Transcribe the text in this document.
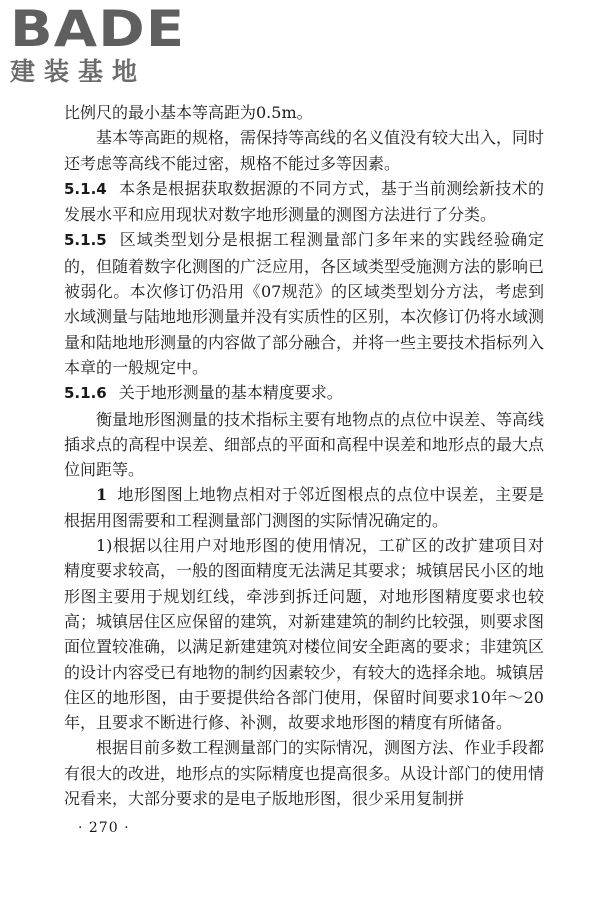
BADE
建装基地

比例尺的最小基本等高距为0.5m。

基本等高距的规格，需保持等高线的名义值没有较大出入，同时还考虑等高线不能过密，规格不能过多等因素。

5.1.4 本条是根据获取数据源的不同方式，基于当前测绘新技术的发展水平和应用现状对数字地形测量的测图方法进行了分类。

5.1.5 区域类型划分是根据工程测量部门多年来的实践经验确定的，但随着数字化测图的广泛应用，各区域类型受施测方法的影响已被弱化。本次修订仍沿用《07规范》的区域类型划分方法，考虑到水域测量与陆地地形测量并没有实质性的区别，本次修订仍将水域测量和陆地地形测量的内容做了部分融合，并将一些主要技术指标列入本章的一般规定中。

5.1.6 关于地形测量的基本精度要求。

衡量地形图测量的技术指标主要有地物点的点位中误差、等高线插求点的高程中误差、细部点的平面和高程中误差和地形点的最大点位间距等。

1 地形图图上地物点相对于邻近图根点的点位中误差，主要是根据用图需要和工程测量部门测图的实际情况确定的。

1)根据以往用户对地形图的使用情况，工矿区的改扩建项目对精度要求较高，一般的图面精度无法满足其要求；城镇居民小区的地形图主要用于规划红线，牵涉到拆迁问题，对地形图精度要求也较高；城镇居住区应保留的建筑，对新建建筑的制约比较强，则要求图面位置较准确，以满足新建建筑对楼位间安全距离的要求；非建筑区的设计内容受已有地物的制约因素较少，有较大的选择余地。城镇居住区的地形图，由于要提供给各部门使用，保留时间要求10年～20年，且要求不断进行修、补测，故要求地形图的精度有所储备。

根据目前多数工程测量部门的实际情况，测图方法、作业手段都有很大的改进，地形点的实际精度也提高很多。从设计部门的使用情况看来，大部分要求的是电子版地形图，很少采用复制拼

· 270 ·
